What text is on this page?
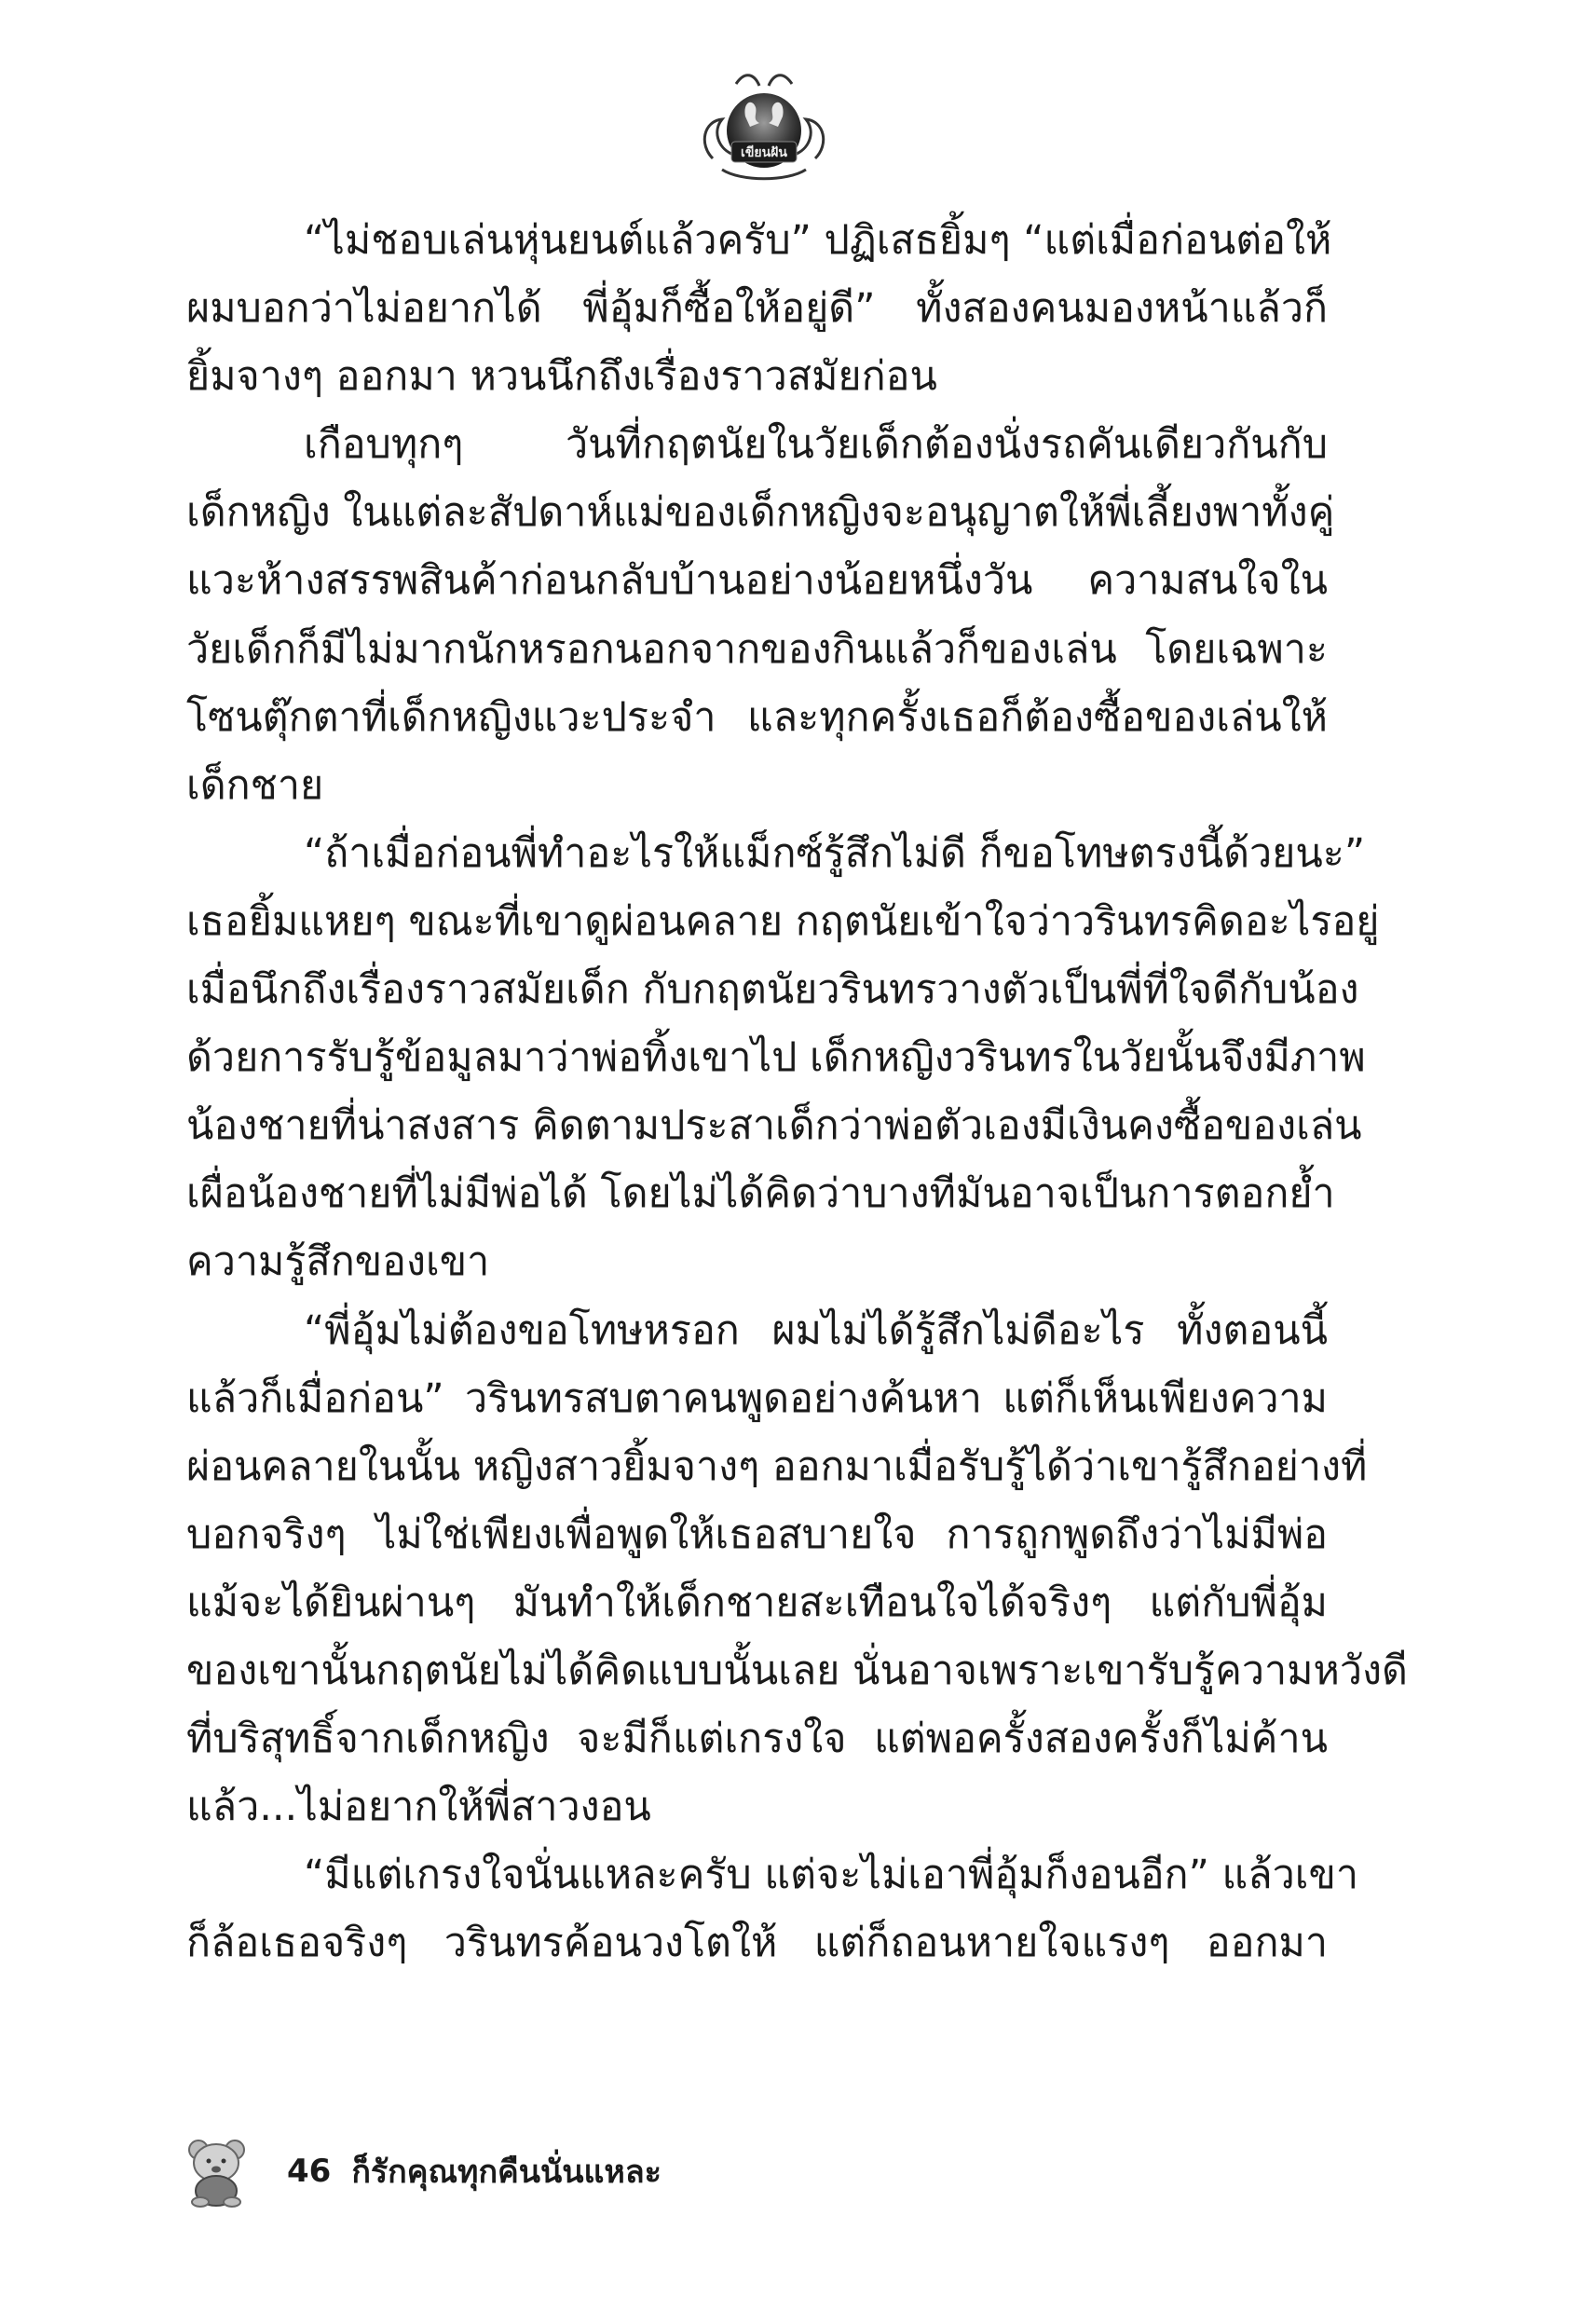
เขียนฝัน

“ไม่ชอบเล่นหุ่นยนต์แล้วครับ” ปฏิเสธยิ้มๆ “แต่เมื่อก่อนต่อให้
ผมบอกว่าไม่อยากได้ พี่อุ้มก็ซื้อให้อยู่ดี” ทั้งสองคนมองหน้าแล้วก็
ยิ้มจางๆ ออกมา หวนนึกถึงเรื่องราวสมัยก่อน

เกือบทุกๆ วันที่กฤตนัยในวัยเด็กต้องนั่งรถคันเดียวกันกับ
เด็กหญิง ในแต่ละสัปดาห์แม่ของเด็กหญิงจะอนุญาตให้พี่เลี้ยงพาทั้งคู่
แวะห้างสรรพสินค้าก่อนกลับบ้านอย่างน้อยหนึ่งวัน ความสนใจใน
วัยเด็กก็มีไม่มากนักหรอกนอกจากของกินแล้วก็ของเล่น โดยเฉพาะ
โซนตุ๊กตาที่เด็กหญิงแวะประจำ และทุกครั้งเธอก็ต้องซื้อของเล่นให้
เด็กชาย

“ถ้าเมื่อก่อนพี่ทำอะไรให้แม็กซ์รู้สึกไม่ดี ก็ขอโทษตรงนี้ด้วยนะ”
เธอยิ้มแหยๆ ขณะที่เขาดูผ่อนคลาย กฤตนัยเข้าใจว่าวรินทรคิดอะไรอยู่
เมื่อนึกถึงเรื่องราวสมัยเด็ก กับกฤตนัยวรินทรวางตัวเป็นพี่ที่ใจดีกับน้อง
ด้วยการรับรู้ข้อมูลมาว่าพ่อทิ้งเขาไป เด็กหญิงวรินทรในวัยนั้นจึงมีภาพ
น้องชายที่น่าสงสาร คิดตามประสาเด็กว่าพ่อตัวเองมีเงินคงซื้อของเล่น
เผื่อน้องชายที่ไม่มีพ่อได้ โดยไม่ได้คิดว่าบางทีมันอาจเป็นการตอกย้ำ
ความรู้สึกของเขา

“พี่อุ้มไม่ต้องขอโทษหรอก ผมไม่ได้รู้สึกไม่ดีอะไร ทั้งตอนนี้
แล้วก็เมื่อก่อน” วรินทรสบตาคนพูดอย่างค้นหา แต่ก็เห็นเพียงความ
ผ่อนคลายในนั้น หญิงสาวยิ้มจางๆ ออกมาเมื่อรับรู้ได้ว่าเขารู้สึกอย่างที่
บอกจริงๆ ไม่ใช่เพียงเพื่อพูดให้เธอสบายใจ การถูกพูดถึงว่าไม่มีพ่อ
แม้จะได้ยินผ่านๆ มันทำให้เด็กชายสะเทือนใจได้จริงๆ แต่กับพี่อุ้ม
ของเขานั้นกฤตนัยไม่ได้คิดแบบนั้นเลย นั่นอาจเพราะเขารับรู้ความหวังดี
ที่บริสุทธิ์จากเด็กหญิง จะมีก็แต่เกรงใจ แต่พอครั้งสองครั้งก็ไม่ค้าน
แล้ว...ไม่อยากให้พี่สาวงอน

“มีแต่เกรงใจนั่นแหละครับ แต่จะไม่เอาพี่อุ้มก็งอนอีก” แล้วเขา
ก็ล้อเธอจริงๆ วรินทรค้อนวงโตให้ แต่ก็ถอนหายใจแรงๆ ออกมา

46 ก็รักคุณทุกคืนนั่นแหละ
